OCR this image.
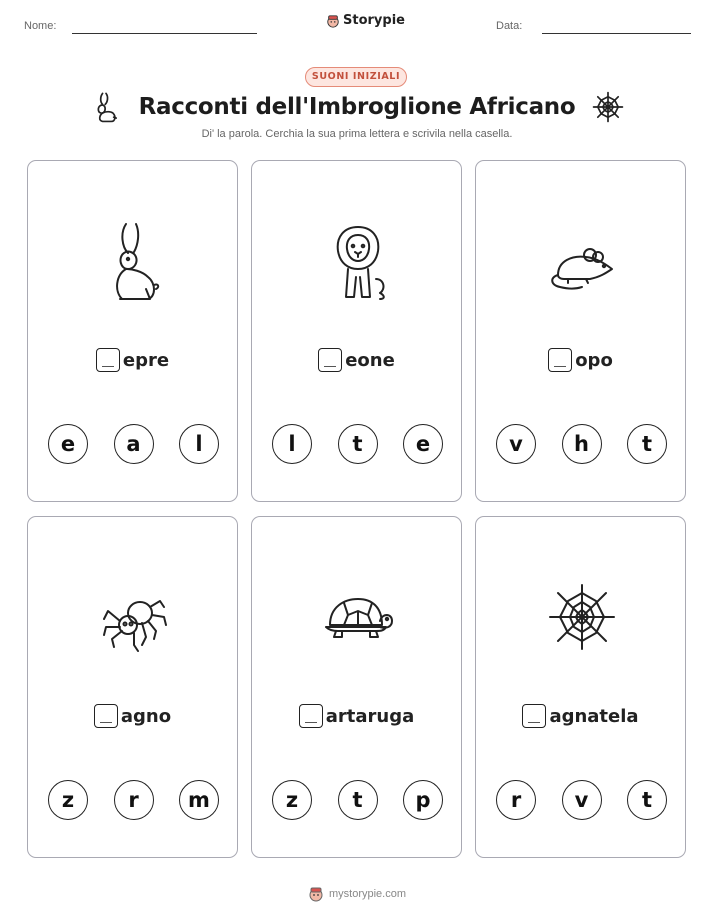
Nome:	Storypie	Data:
SUONI INIZIALI
Racconti dell'Imbroglione Africano
Di' la parola. Cerchia la sua prima lettera e scrivila nella casella.
epre
e	a	l
eone
l	t	e
opo
v	h	t
agno
z	r	m
artaruga
z	t	p
agnatela
r	v	t
mystorypie.com
